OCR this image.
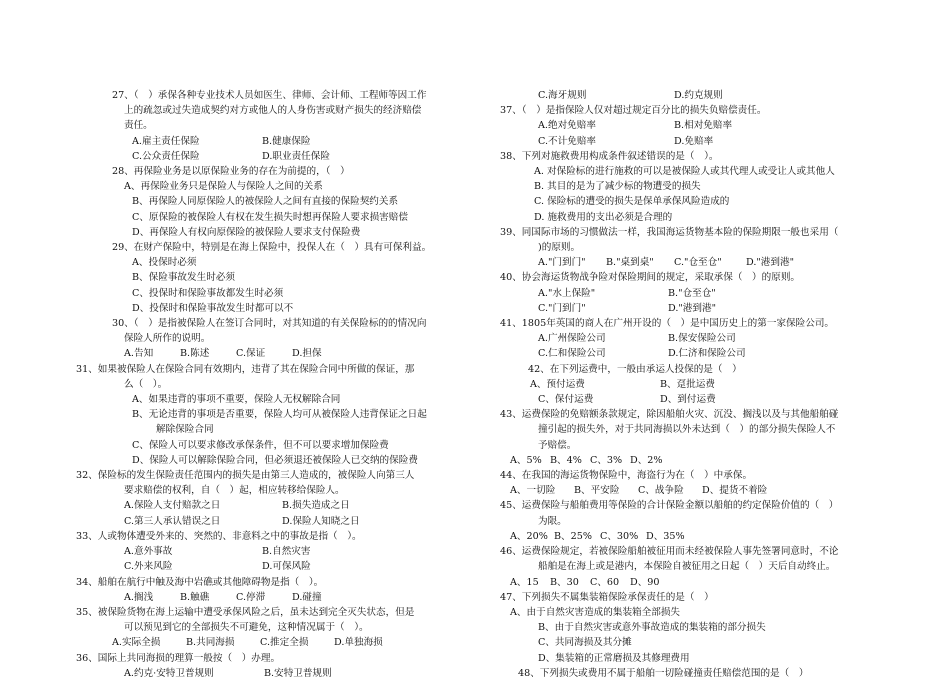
27、（　）承保各种专业技术人员如医生、律师、会计师、工程师等因工作
上的疏忽或过失造成契约对方或他人的人身伤害或财产损失的经济赔偿
责任。
A.雇主责任保险	B.健康保险
C.公众责任保险	D.职业责任保险
28、再保险业务是以原保险业务的存在为前提的，（　）
A、再保险业务只是保险人与保险人之间的关系
B、再保险人同原保险人的被保险人之间有直接的保险契约关系
C、原保险的被保险人有权在发生损失时想再保险人要求损害赔偿
D、再保险人有权向原保险的被保险人要求支付保险费
29、在财产保险中，特别是在海上保险中，投保人在（　）具有可保利益。
A、投保时必须
B、保险事故发生时必须
C、投保时和保险事故都发生时必须
D、投保时和保险事故发生时都可以不
30、（　）是指被保险人在签订合同时，对其知道的有关保险标的的情况向
保险人所作的说明。
A.告知	B.陈述	C.保证	D.担保
31、如果被保险人在保险合同有效期内，违背了其在保险合同中所做的保证，那
么（　）。
A、如果违背的事项不重要，保险人无权解除合同
B、无论违背的事项是否重要，保险人均可从被保险人违背保证之日起
解除保险合同
C、保险人可以要求修改承保条件，但不可以要求增加保险费
D、保险人可以解除保险合同，但必须退还被保险人已交纳的保险费
32、保险标的发生保险责任范围内的损失是由第三人造成的，被保险人向第三人
要求赔偿的权利，自（　）起，相应转移给保险人。
A.保险人支付赔款之日	B.损失造成之日
C.第三人承认错误之日	D.保险人知晓之日
33、人或物体遭受外来的、突然的、非意料之中的事故是指（　）。
A.意外事故	B.自然灾害
C.外来风险	D.可保风险
34、船舶在航行中触及海中岩礁或其他障碍物是指（　）。
A.搁浅	B.触礁	C.停滞	D.碰撞
35、被保险货物在海上运输中遭受承保风险之后，虽未达到完全灭失状态，但是
可以预见到它的全部损失不可避免，这种情况属于（　）。
A.实际全损	B.共同海损	C.推定全损	D.单独海损
36、国际上共同海损的理算一般按（　）办理。
A.约克·安特卫普规则	B.安特卫普规则
C.海牙规则	D.约克规则
37、（　）是指保险人仅对超过规定百分比的损失负赔偿责任。
A.绝对免赔率	B.相对免赔率
C.不计免赔率	D.免赔率
38、下列对施救费用构成条件叙述错误的是（　）。
A. 对保险标的进行施救的可以是被保险人或其代理人或受让人或其他人
B. 其目的是为了减少标的物遭受的损失
C. 保险标的遭受的损失是保单承保风险造成的
D. 施救费用的支出必须是合理的
39、同国际市场的习惯做法一样，我国海运货物基本险的保险期限一般也采用（
)的原则。
A."门到门" B."桌到桌" C."仓至仓"	D."港到港"
40、协会海运货物战争险对保险期间的规定，采取承保（　）的原则。
A."水上保险"	B."仓至仓"
C."门到门"	D."港到港"
41、1805年英国的商人在广州开设的（　）是中国历史上的第一家保险公司。
A.广州保险公司	B.保安保险公司
C.仁和保险公司	D.仁济和保险公司
42、在下列运费中，一般由承运人投保的是（　）
A、预付运费	B、趸批运费
C、保付运费	D、到付运费
43、运费保险的免赔额条款规定，除因船舶火灾、沉没、搁浅以及与其他船舶碰
撞引起的损失外，对于共同海损以外未达到（　）的部分损失保险人不
予赔偿。
A、5% B、4% C、3% D、2%
44、在我国的海运货物保险中，海盗行为在（　）中承保。
A、一切险 B、平安险 C、战争险 D、提货不着险
45、运费保险与船舶费用等保险的合计保险金额以船舶的约定保险价值的（　）
为限。
A、20% B、25% C、30% D、35%
46、运费保险规定，若被保险船舶被征用而未经被保险人事先签署同意时，不论
船舶是在海上或是港内，本保险自被征用之日起（　）天后自动终止。
A、15 B、30 C、60 D、90
47、下列损失不属集装箱保险承保责任的是（　）
A、由于自然灾害造成的集装箱全部损失
B、由于自然灾害或意外事故造成的集装箱的部分损失
C、共同海损及其分摊
D、集装箱的正常磨损及其修理费用
48、下列损失或费用不属于船舶一切险碰撞责任赔偿范围的是（　）
